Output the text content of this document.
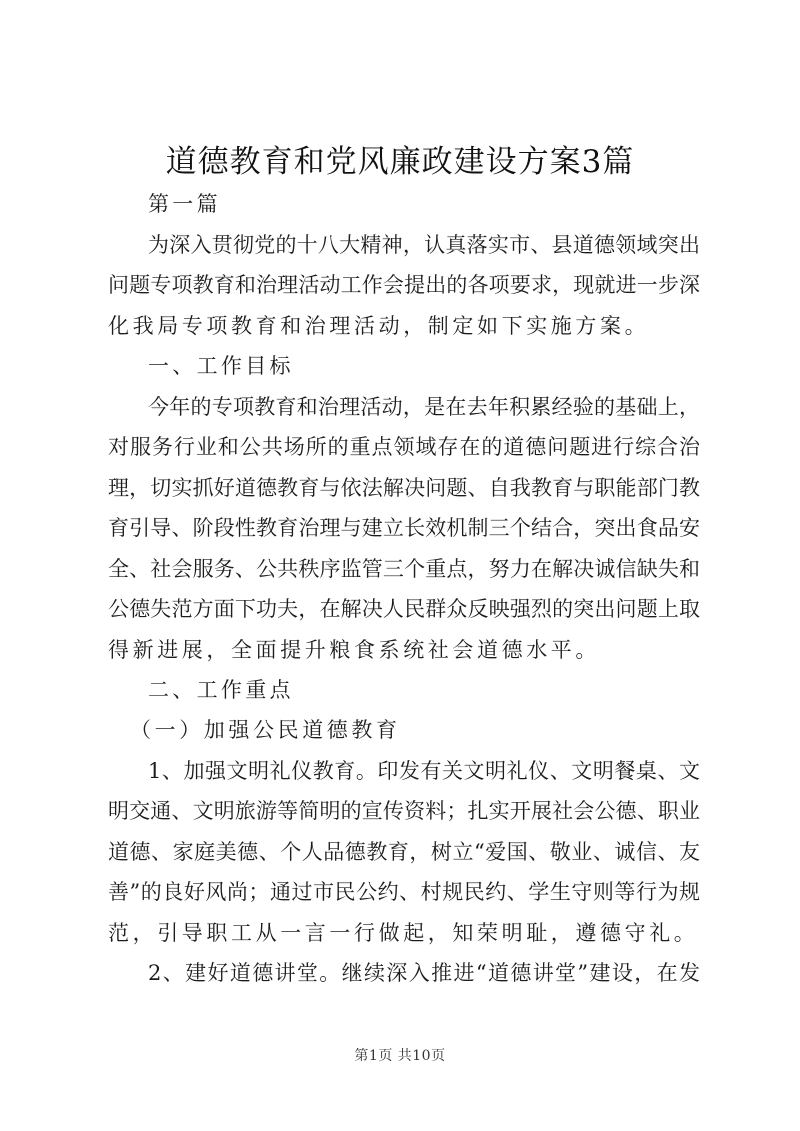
道德教育和党风廉政建设方案3篇
第一篇
为深入贯彻党的十八大精神，认真落实市、县道德领域突出
问题专项教育和治理活动工作会提出的各项要求，现就进一步深
化我局专项教育和治理活动，制定如下实施方案。
一、工作目标
今年的专项教育和治理活动，是在去年积累经验的基础上，
对服务行业和公共场所的重点领域存在的道德问题进行综合治
理，切实抓好道德教育与依法解决问题、自我教育与职能部门教
育引导、阶段性教育治理与建立长效机制三个结合，突出食品安
全、社会服务、公共秩序监管三个重点，努力在解决诚信缺失和
公德失范方面下功夫，在解决人民群众反映强烈的突出问题上取
得新进展，全面提升粮食系统社会道德水平。
二、工作重点
（一）加强公民道德教育
1、加强文明礼仪教育。印发有关文明礼仪、文明餐桌、文
明交通、文明旅游等简明的宣传资料；扎实开展社会公德、职业
道德、家庭美德、个人品德教育，树立“爱国、敬业、诚信、友
善”的良好风尚；通过市民公约、村规民约、学生守则等行为规
范，引导职工从一言一行做起，知荣明耻，遵德守礼。
2、建好道德讲堂。继续深入推进“道德讲堂”建设，在发
第1页 共10页
